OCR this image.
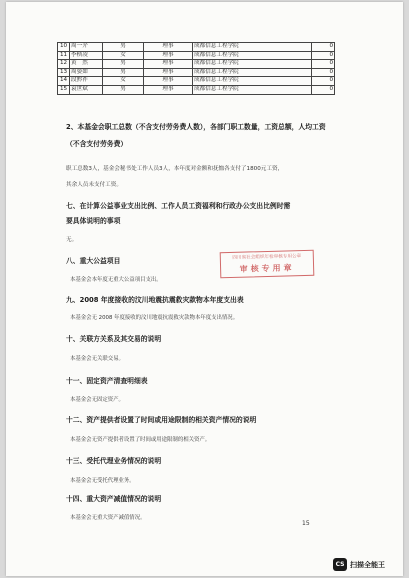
10	周一介	男	理事	成都信息工程学院	0
11	李桢凌	女	理事	成都信息工程学院	0
12	黄　然	男	理事	成都信息工程学院	0
13	周晏如	男	理事	成都信息工程学院	0
14	段黔祚	女	理事	成都信息工程学院	0
15	袁世斌	男	理事	成都信息工程学院	0
2、本基金会职工总数（不含支付劳务费人数），各部门职工数量，工资总额，人均工资
（不含支付劳务费）
职工总数3人，基金会秘书处工作人员3人，本年度对金额和抚恤各支付了1800元工资，
其余人员未支付工资。
七、在计算公益事业支出比例、工作人员工资福利和行政办公支出比例时需
要具体说明的事项
无。
八、重大公益项目
本基金会本年度无重大公益项目支出。
九、2008 年度接收的汶川地震抗震救灾款物本年度支出表
本基金会无 2008 年度接收的汶川地震抗震救灾款物本年度支出情况。
十、关联方关系及其交易的说明
本基金会无关联交易。
十一、固定资产清查明细表
本基金会无固定资产。
十二、资产提供者设置了时间或用途限制的相关资产情况的说明
本基金会无资产提供者设置了时间或用途限制的相关资产。
十三、受托代理业务情况的说明
本基金会无受托代理业务。
十四、重大资产减值情况的说明
本基金会无重大资产减值情况。
四川省社会组织年检审核专用公章
审核专用章
15
CS 扫描全能王
